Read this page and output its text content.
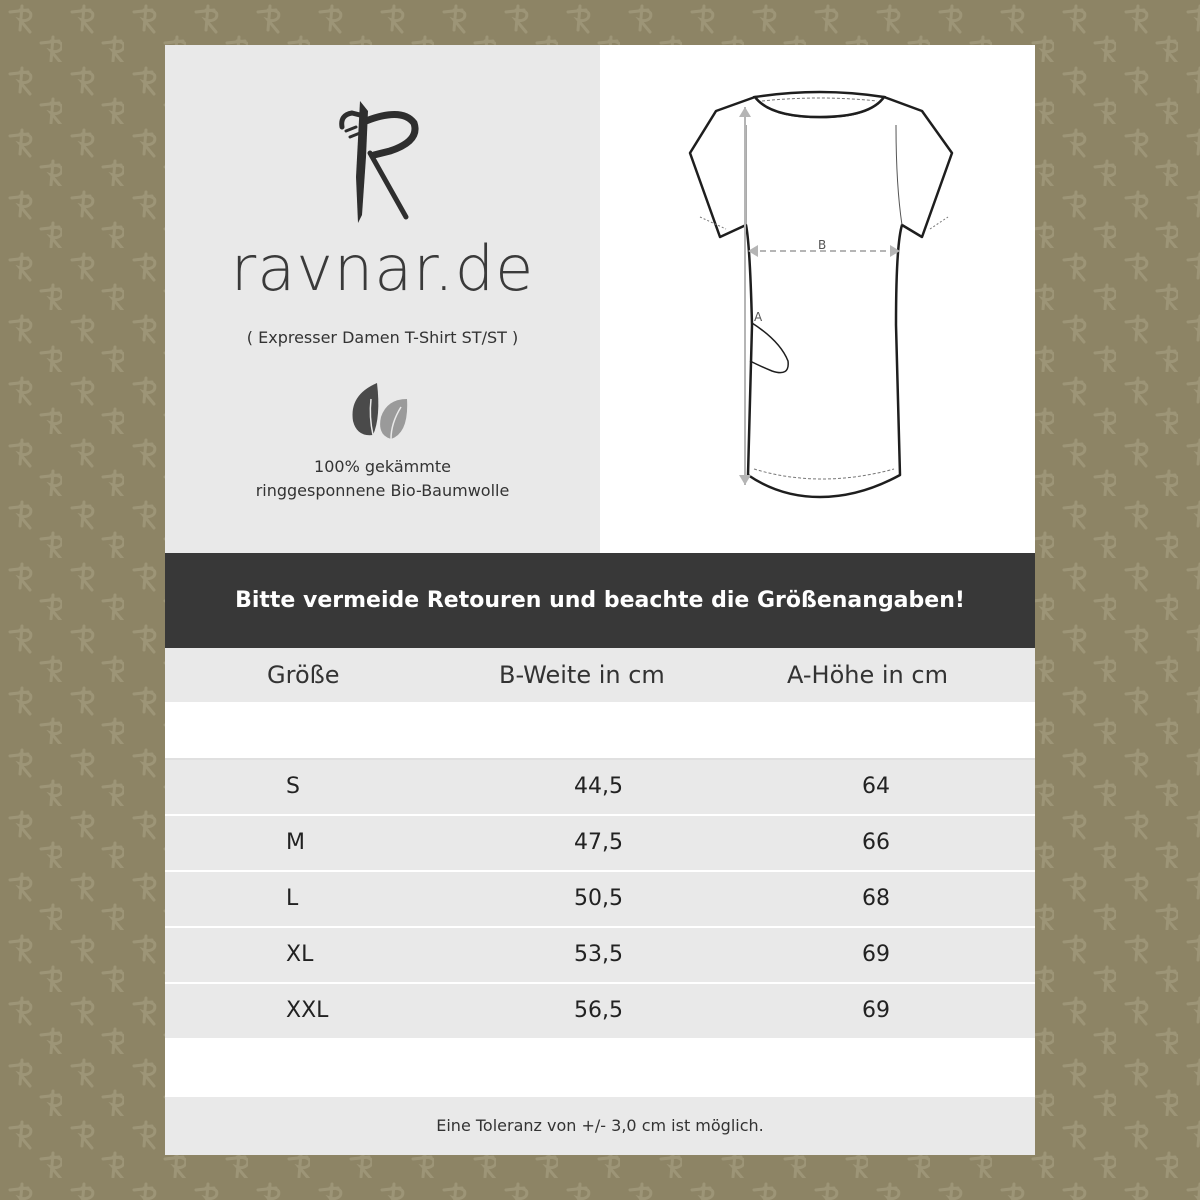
ravnar.de
( Expresser Damen T-Shirt ST/ST )
100% gekämmte
ringgesponnene Bio-Baumwolle
B
A
Bitte vermeide Retouren und beachte die Größenangaben!
Größe	B-Weite in cm	A-Höhe in cm
S	44,5	64
M	47,5	66
L	50,5	68
XL	53,5	69
XXL	56,5	69
Eine Toleranz von +/- 3,0 cm ist möglich.
